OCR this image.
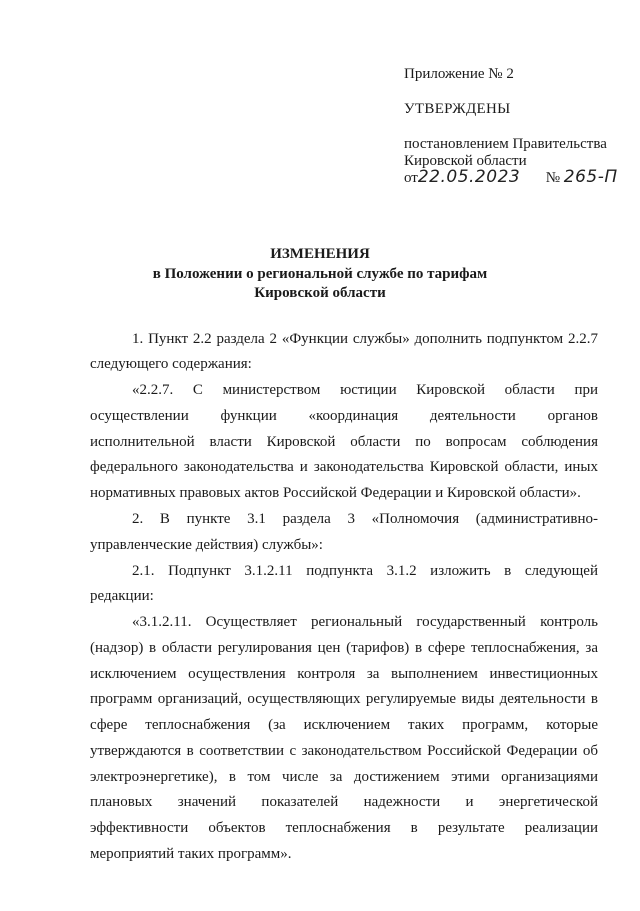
Приложение № 2
УТВЕРЖДЕНЫ
постановлением Правительства
Кировской области
от22.05.2023 № 265-П
ИЗМЕНЕНИЯ
в Положении о региональной службе по тарифам
Кировской области
1. Пункт 2.2 раздела 2 «Функции службы» дополнить подпунктом 2.2.7
следующего содержания:
«2.2.7. С министерством юстиции Кировской области при
осуществлении функции «координация деятельности органов
исполнительной власти Кировской области по вопросам соблюдения
федерального законодательства и законодательства Кировской области, иных
нормативных правовых актов Российской Федерации и Кировской области».
2. В пункте 3.1 раздела 3 «Полномочия (административно-
управленческие действия) службы»:
2.1. Подпункт 3.1.2.11 подпункта 3.1.2 изложить в следующей
редакции:
«3.1.2.11. Осуществляет региональный государственный контроль
(надзор) в области регулирования цен (тарифов) в сфере теплоснабжения, за
исключением осуществления контроля за выполнением инвестиционных
программ организаций, осуществляющих регулируемые виды деятельности в
сфере теплоснабжения (за исключением таких программ, которые
утверждаются в соответствии с законодательством Российской Федерации об
электроэнергетике), в том числе за достижением этими организациями
плановых значений показателей надежности и энергетической
эффективности объектов теплоснабжения в результате реализации
мероприятий таких программ».
